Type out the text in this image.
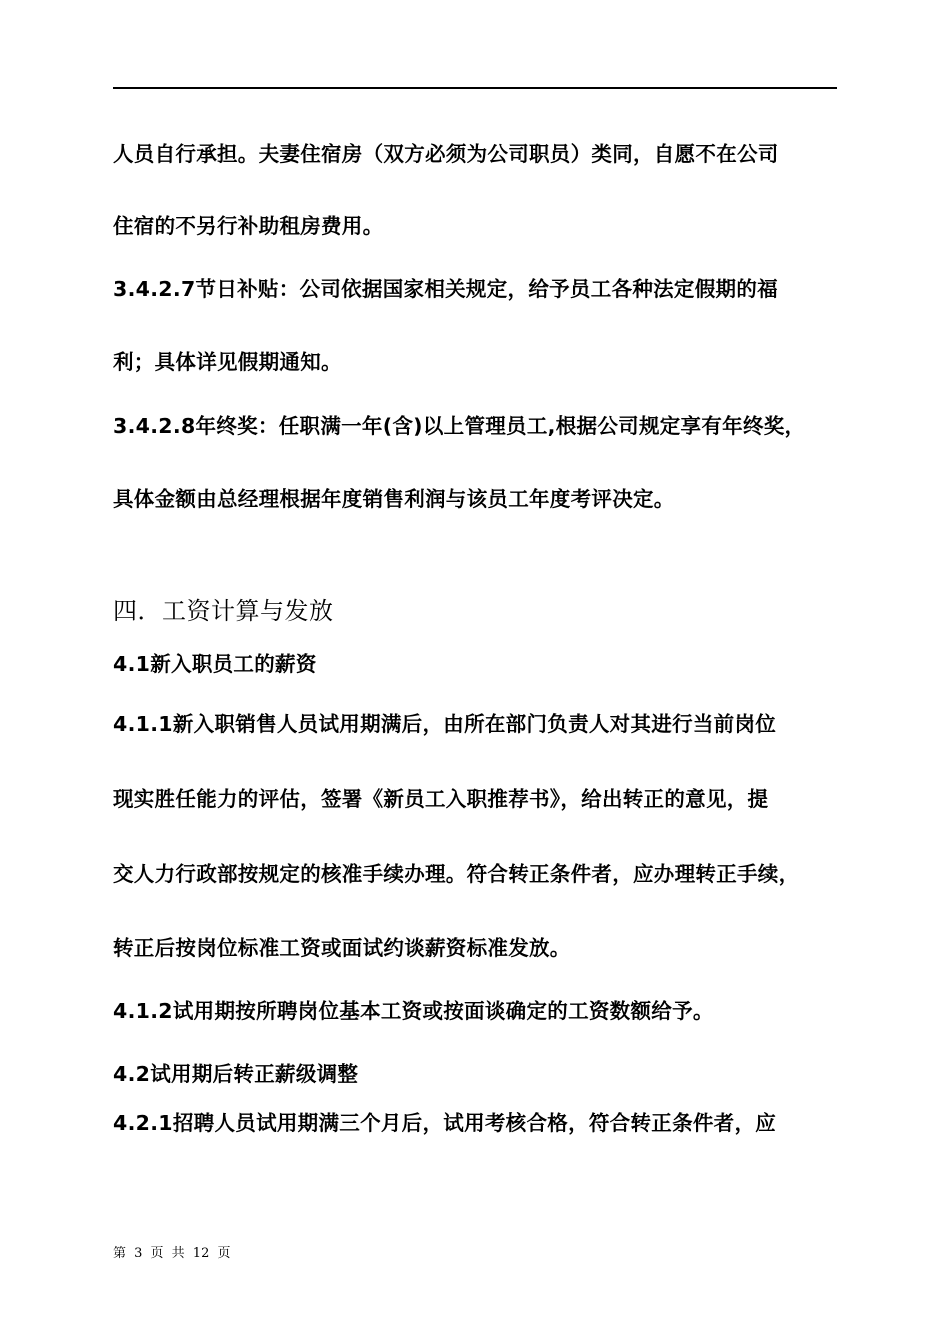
人员自行承担。夫妻住宿房（双方必须为公司职员）类同，自愿不在公司
住宿的不另行补助租房费用。
3.4.2.7节日补贴：公司依据国家相关规定，给予员工各种法定假期的福
利；具体详见假期通知。
3.4.2.8年终奖：任职满一年(含)以上管理员工,根据公司规定享有年终奖，
具体金额由总经理根据年度销售利润与该员工年度考评决定。
四．工资计算与发放
4.1新入职员工的薪资
4.1.1新入职销售人员试用期满后，由所在部门负责人对其进行当前岗位
现实胜任能力的评估，签署《新员工入职推荐书》，给出转正的意见，提
交人力行政部按规定的核准手续办理。符合转正条件者，应办理转正手续，
转正后按岗位标准工资或面试约谈薪资标准发放。
4.1.2试用期按所聘岗位基本工资或按面谈确定的工资数额给予。
4.2试用期后转正薪级调整
4.2.1招聘人员试用期满三个月后，试用考核合格，符合转正条件者，应
第 3 页 共 12 页
